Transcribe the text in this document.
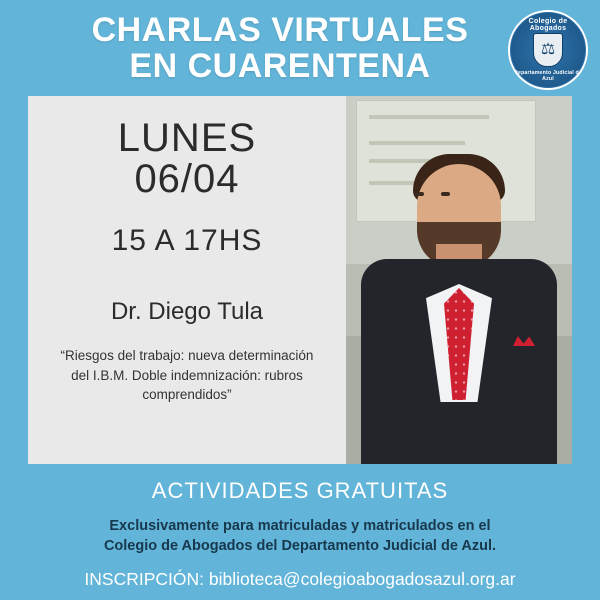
CHARLAS VIRTUALES
EN CUARENTENA
Colegio de Abogados
⚖
Departamento Judicial de Azul
LUNES
06/04
15 A 17HS
Dr. Diego Tula
“Riesgos del trabajo: nueva determinación del I.B.M. Doble indemnización: rubros comprendidos”
ACTIVIDADES GRATUITAS
Exclusivamente para matriculadas y matriculados en el
Colegio de Abogados del Departamento Judicial de Azul.
INSCRIPCIÓN: biblioteca@colegioabogadosazul.org.ar
